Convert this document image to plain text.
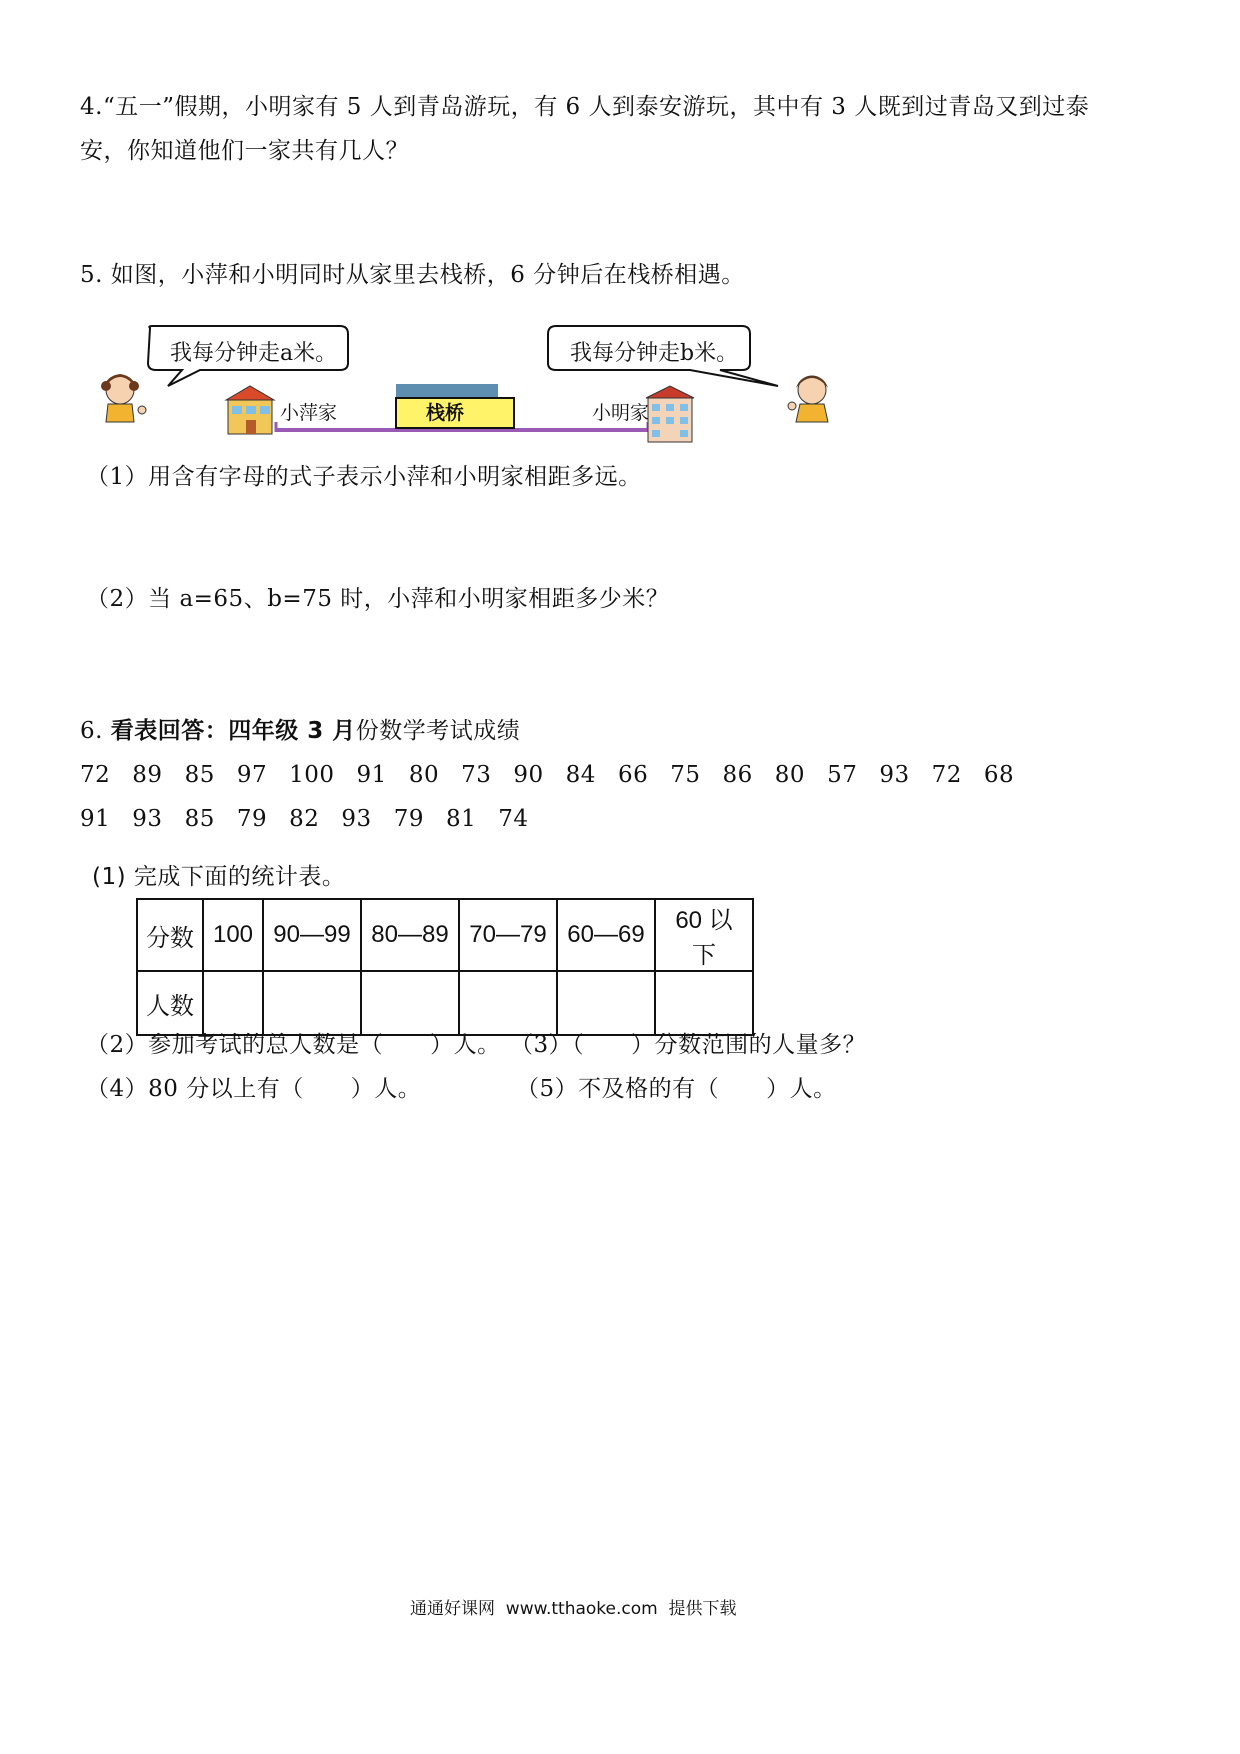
4.“五一”假期，小明家有 5 人到青岛游玩，有 6 人到泰安游玩，其中有 3 人既到过青岛又到过泰
安，你知道他们一家共有几人？
5. 如图，小萍和小明同时从家里去栈桥，6 分钟后在栈桥相遇。
我每分钟走a米。	我每分钟走b米。
小萍家	栈桥	小明家
（1）用含有字母的式子表示小萍和小明家相距多远。
（2）当 a=65、b=75 时，小萍和小明家相距多少米？
6. 看表回答：四年级 3 月份数学考试成绩
72 89 85 97 100 91 80 73 90 84 66 75 86 80 57 93 72 68
91 93 85 79 82 93 79 81 74
(1) 完成下面的统计表。
分数	100	90—99	80—89	70—79	60—69	60 以下
人数						
（2）参加考试的总人数是（　　）人。 （3）（　　）分数范围的人量多？
（4）80 分以上有（　　）人。	（5）不及格的有（　　）人。
通通好课网  www.tthaoke.com  提供下载
